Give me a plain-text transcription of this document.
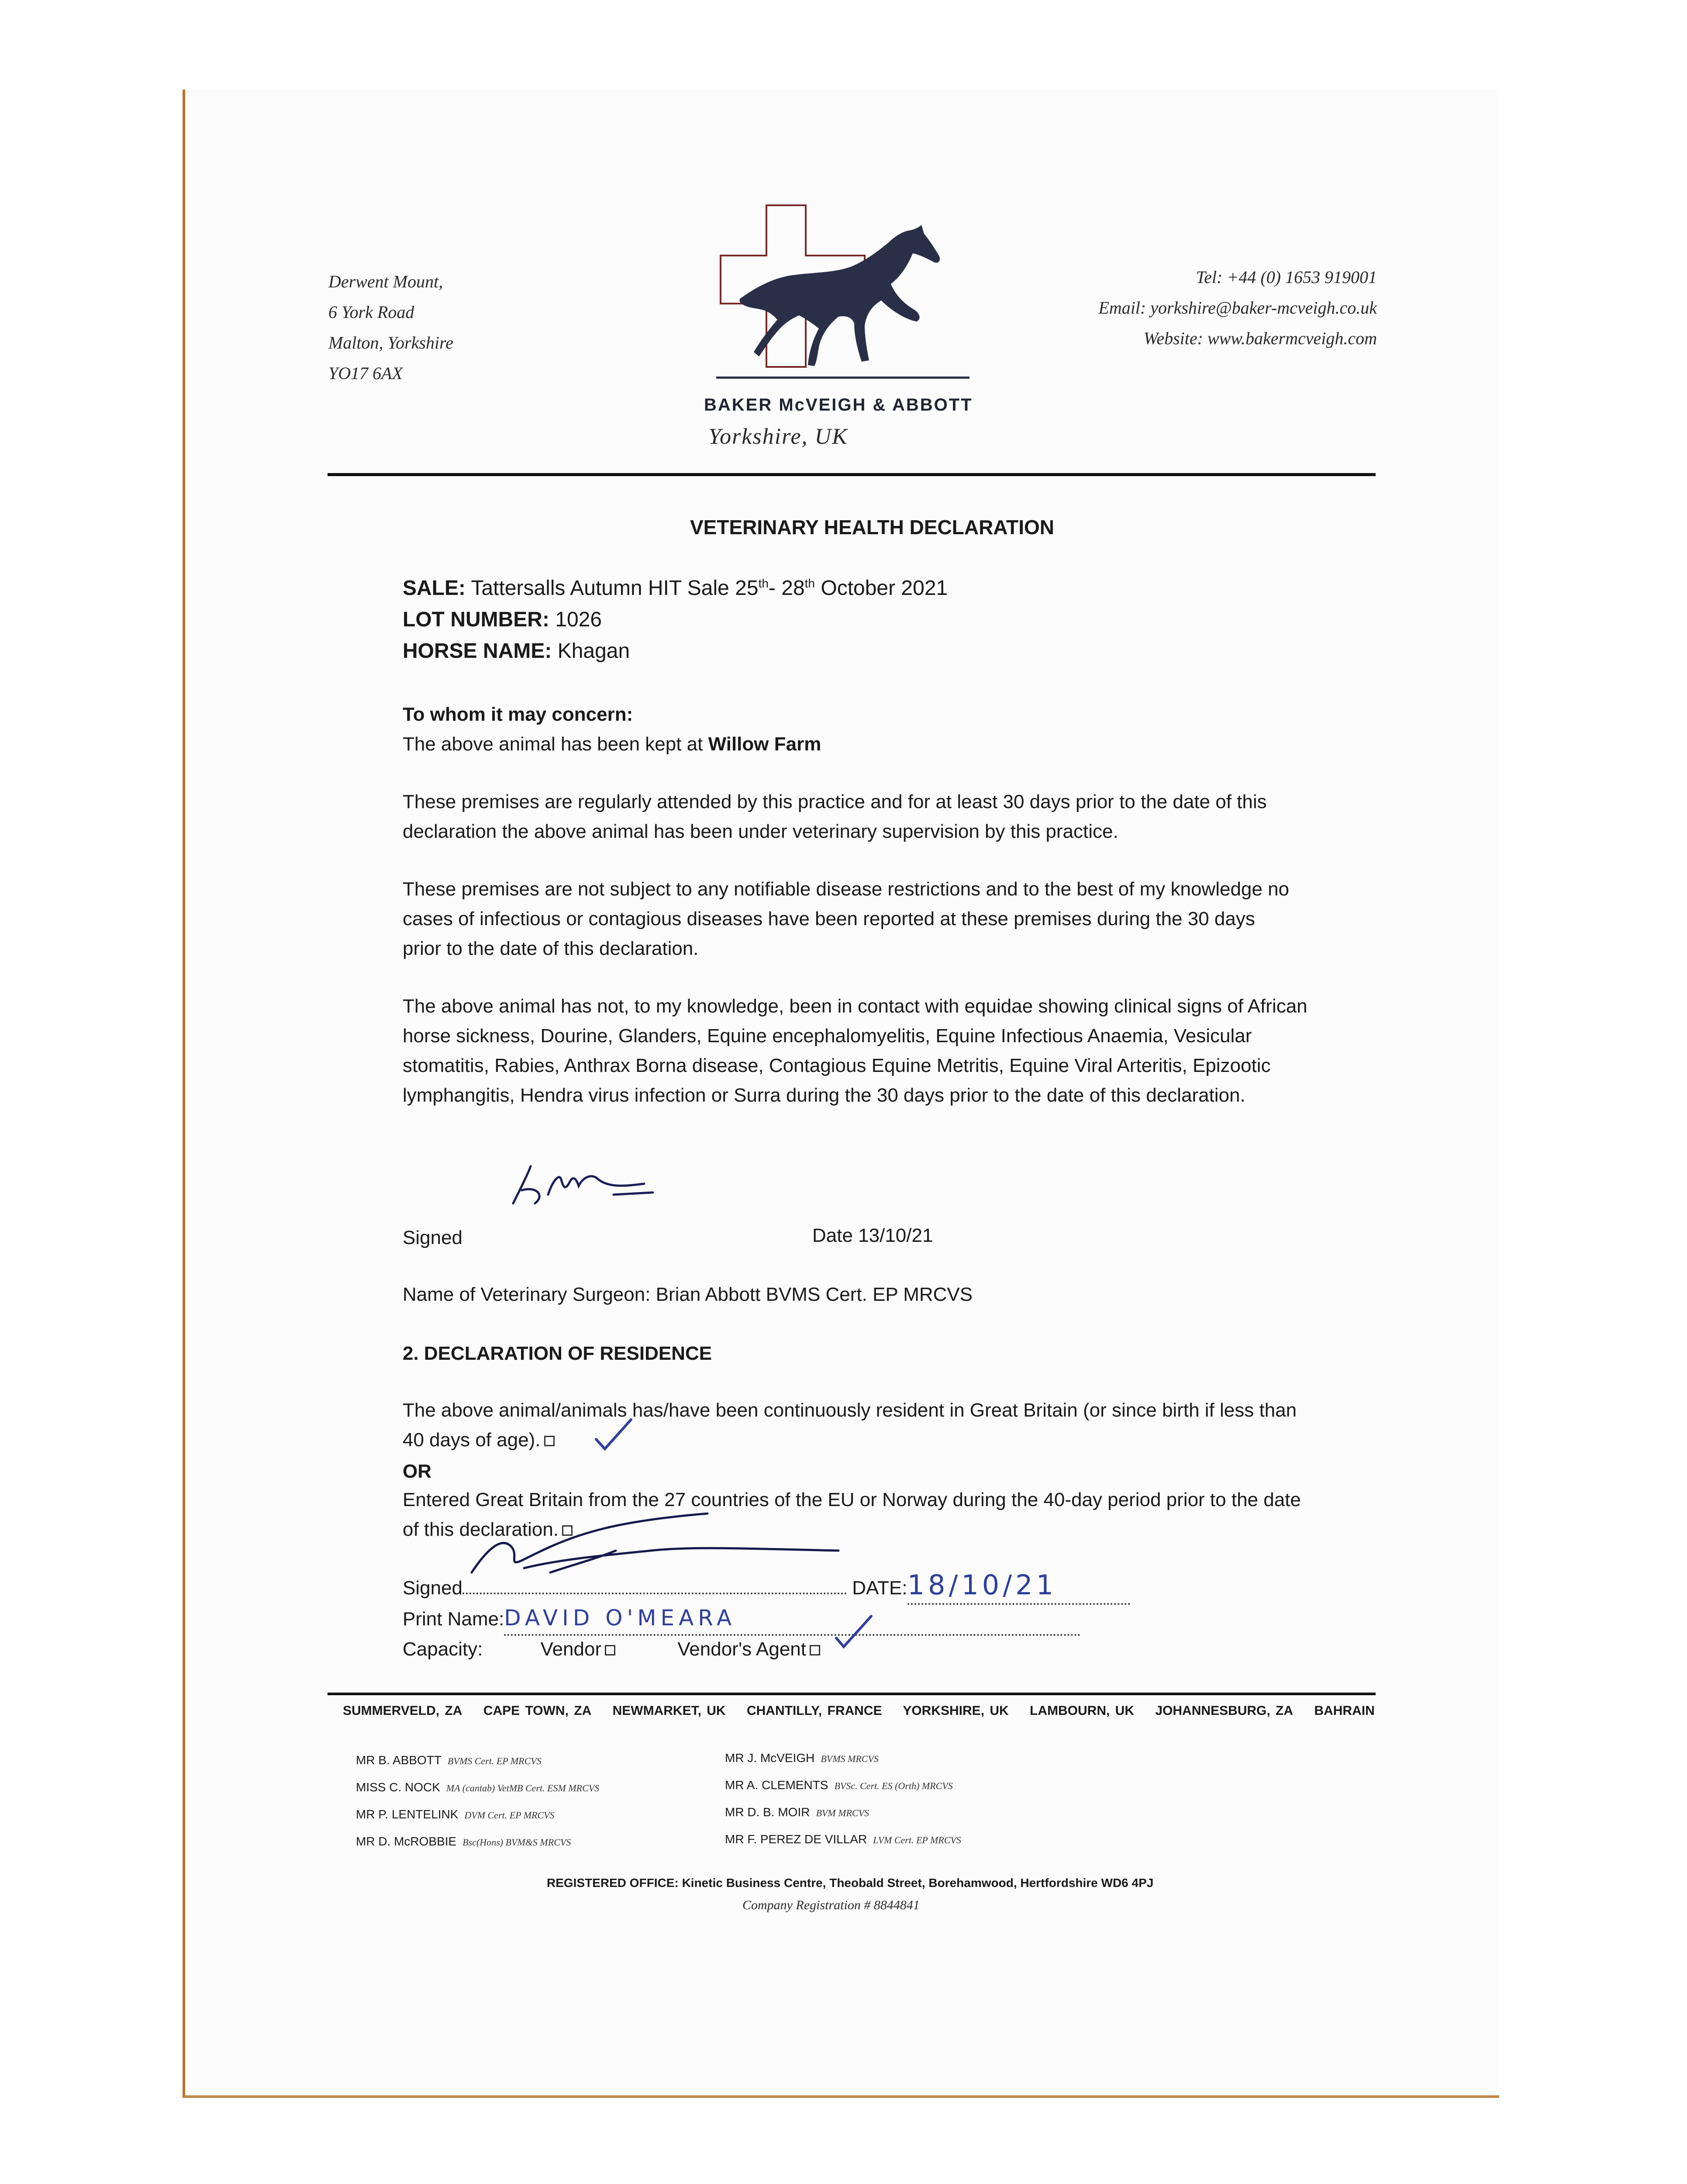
Derwent Mount,
6 York Road
Malton, Yorkshire
YO17 6AX
Tel: +44 (0) 1653 919001
Email: yorkshire@baker-mcveigh.co.uk
Website: www.bakermcveigh.com
BAKER McVEIGH & ABBOTT
Yorkshire, UK
VETERINARY HEALTH DECLARATION
SALE: Tattersalls Autumn HIT Sale 25th- 28th October 2021
LOT NUMBER: 1026
HORSE NAME: Khagan
To whom it may concern:
The above animal has been kept at Willow Farm
These premises are regularly attended by this practice and for at least 30 days prior to the date of this declaration the above animal has been under veterinary supervision by this practice.
These premises are not subject to any notifiable disease restrictions and to the best of my knowledge no cases of infectious or contagious diseases have been reported at these premises during the 30 days prior to the date of this declaration.
The above animal has not, to my knowledge, been in contact with equidae showing clinical signs of African horse sickness, Dourine, Glanders, Equine encephalomyelitis, Equine Infectious Anaemia, Vesicular stomatitis, Rabies, Anthrax Borna disease, Contagious Equine Metritis, Equine Viral Arteritis, Epizootic lymphangitis, Hendra virus infection or Surra during the 30 days prior to the date of this declaration.
Signed	Date 13/10/21
Name of Veterinary Surgeon: Brian Abbott BVMS Cert. EP MRCVS
2. DECLARATION OF RESIDENCE
The above animal/animals has/have been continuously resident in Great Britain (or since birth if less than 40 days of age).
OR
Entered Great Britain from the 27 countries of the EU or Norway during the 40-day period prior to the date of this declaration.
Signed	DATE:18/10/21
Print Name:DAVID O'MEARA
Capacity:	Vendor	Vendor's Agent
SUMMERVELD, ZA CAPE TOWN, ZA NEWMARKET, UK CHANTILLY, FRANCE YORKSHIRE, UK LAMBOURN, UK JOHANNESBURG, ZA BAHRAIN
MR B. ABBOTT BVMS Cert. EP MRCVS
MISS C. NOCK MA (cantab) VetMB Cert. ESM MRCVS
MR P. LENTELINK DVM Cert. EP MRCVS
MR D. McROBBIE Bsc(Hons) BVM&S MRCVS
MR J. McVEIGH BVMS MRCVS
MR A. CLEMENTS BVSc. Cert. ES (Orth) MRCVS
MR D. B. MOIR BVM MRCVS
MR F. PEREZ DE VILLAR LVM Cert. EP MRCVS
REGISTERED OFFICE: Kinetic Business Centre, Theobald Street, Borehamwood, Hertfordshire WD6 4PJ
Company Registration # 8844841
